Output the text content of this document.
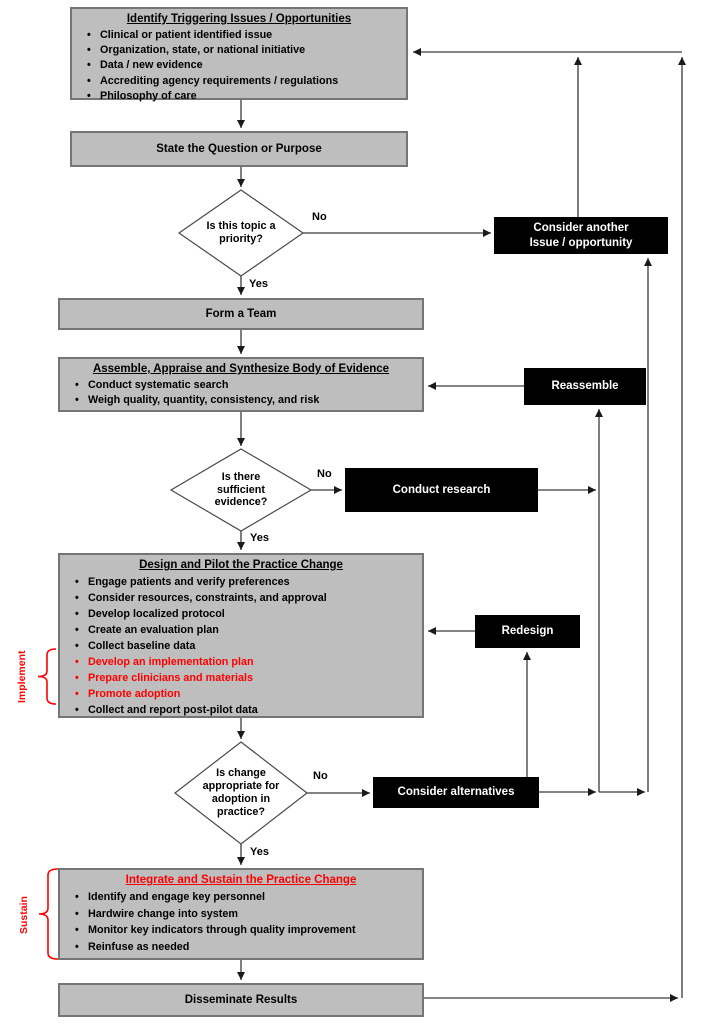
Identify Triggering Issues / Opportunities
• Clinical or patient identified issue
• Organization, state, or national initiative
• Data / new evidence
• Accrediting agency requirements / regulations
• Philosophy of care
State the Question or Purpose
Form a Team
Assemble, Appraise and Synthesize Body of Evidence
• Conduct systematic search
• Weigh quality, quantity, consistency, and risk
Design and Pilot the Practice Change
• Engage patients and verify preferences
• Consider resources, constraints, and approval
• Develop localized protocol
• Create an evaluation plan
• Collect baseline data
• Develop an implementation plan
• Prepare clinicians and materials
• Promote adoption
• Collect and report post-pilot data
Integrate and Sustain the Practice Change
• Identify and engage key personnel
• Hardwire change into system
• Monitor key indicators through quality improvement
• Reinfuse as needed
Disseminate Results
Consider another
Issue / opportunity
Reassemble
Conduct research
Redesign
Consider alternatives
Is this topic a priority?
Is there sufficient evidence?
Is change appropriate for adoption in practice?
No
Yes
No
Yes
No
Yes
Implement
Sustain
